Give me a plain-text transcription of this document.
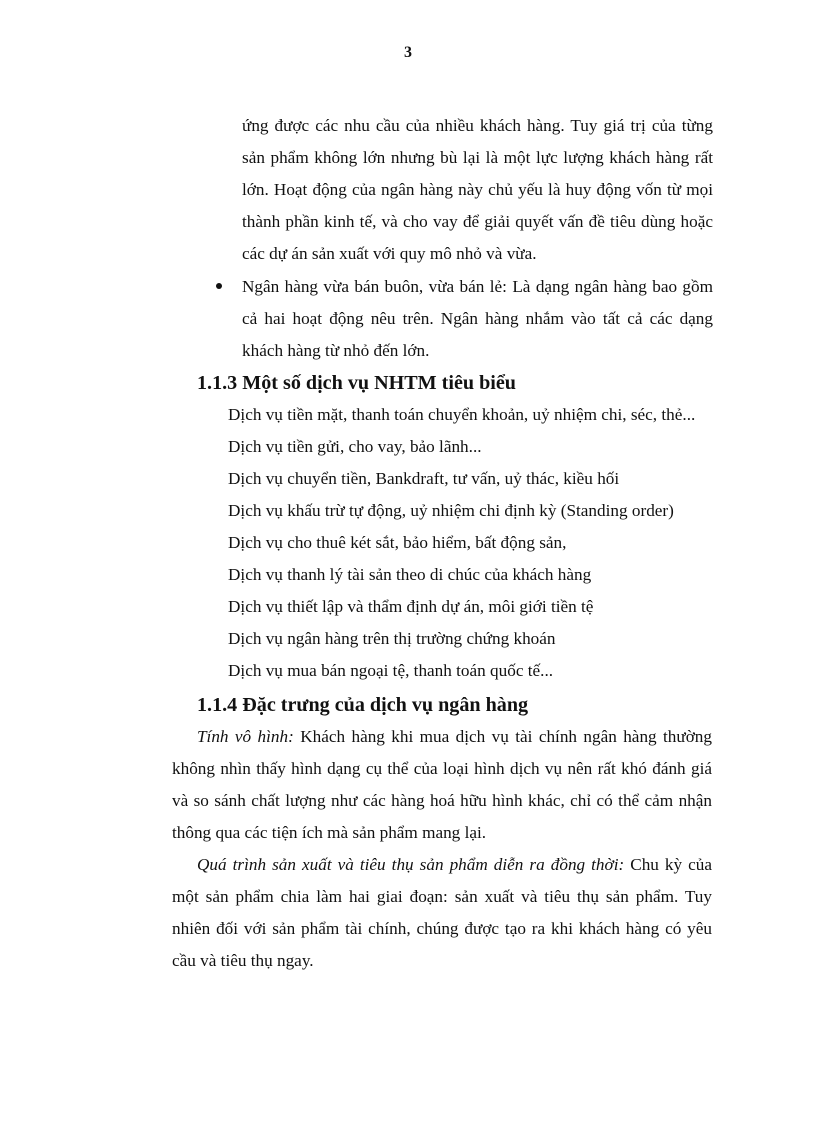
3

ứng được các nhu cầu của nhiều khách hàng. Tuy giá trị của từng sản phẩm không lớn nhưng bù lại là một lực lượng khách hàng rất lớn. Hoạt động của ngân hàng này chủ yếu là huy động vốn từ mọi thành phần kinh tế, và cho vay để giải quyết vấn đề tiêu dùng hoặc các dự án sản xuất với quy mô nhỏ và vừa.

Ngân hàng vừa bán buôn, vừa bán lẻ: Là dạng ngân hàng bao gồm cả hai hoạt động nêu trên. Ngân hàng nhắm vào tất cả các dạng khách hàng từ nhỏ đến lớn.

1.1.3 Một số dịch vụ NHTM tiêu biểu
Dịch vụ tiền mặt, thanh toán chuyển khoản, uỷ nhiệm chi, séc, thẻ...
Dịch vụ tiền gửi, cho vay, bảo lãnh...
Dịch vụ chuyển tiền, Bankdraft, tư vấn, uỷ thác, kiều hối
Dịch vụ khấu trừ tự động, uỷ nhiệm chi định kỳ (Standing order)
Dịch vụ cho thuê két sắt, bảo hiểm, bất động sản,
Dịch vụ thanh lý tài sản theo di chúc của khách hàng
Dịch vụ thiết lập và thẩm định dự án, môi giới tiền tệ
Dịch vụ ngân hàng trên thị trường chứng khoán
Dịch vụ mua bán ngoại tệ, thanh toán quốc tế...
1.1.4 Đặc trưng của dịch vụ ngân hàng

Tính vô hình: Khách hàng khi mua dịch vụ tài chính ngân hàng thường không nhìn thấy hình dạng cụ thể của loại hình dịch vụ nên rất khó đánh giá và so sánh chất lượng như các hàng hoá hữu hình khác, chỉ có thể cảm nhận thông qua các tiện ích mà sản phẩm mang lại.

Quá trình sản xuất và tiêu thụ sản phẩm diễn ra đồng thời: Chu kỳ của một sản phẩm chia làm hai giai đoạn: sản xuất và tiêu thụ sản phẩm. Tuy nhiên đối với sản phẩm tài chính, chúng được tạo ra khi khách hàng có yêu cầu và tiêu thụ ngay.
